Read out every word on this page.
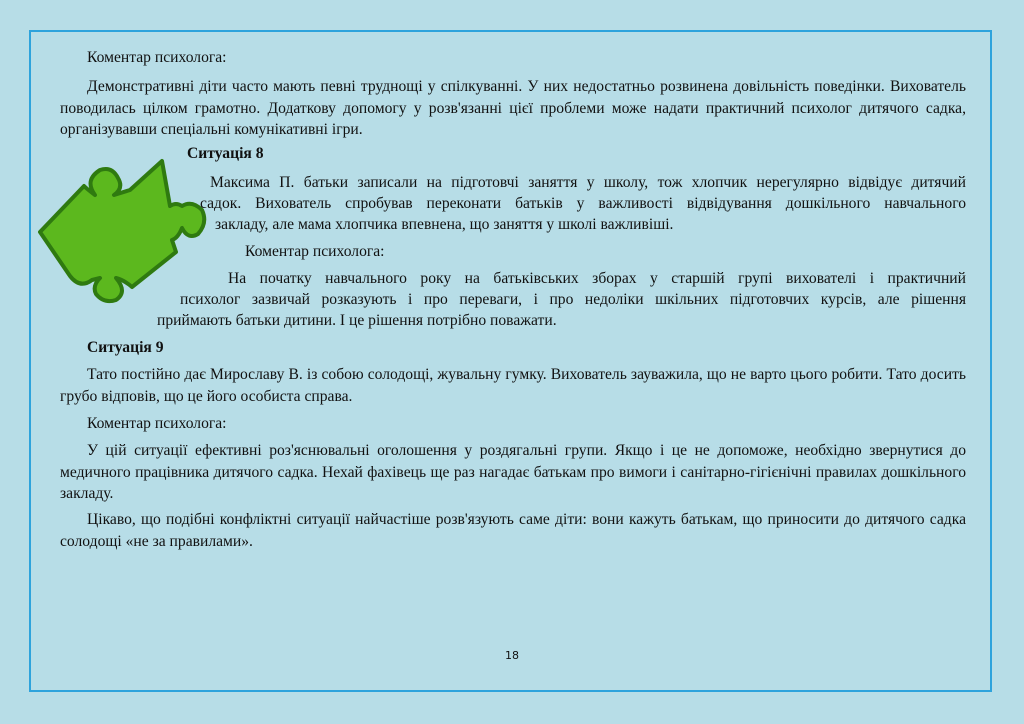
Коментар психолога:

Демонстративні діти часто мають певні труднощі у спілкуванні. У них недостатньо розвинена довільність поведінки. Вихователь поводилась цілком грамотно. Додаткову допомогу у розв'язанні цієї проблеми може надати практичний психолог дитячого садка, організувавши спеціальні комунікативні ігри.

Ситуація 8

Максима П. батьки записали на підготовчі заняття у школу, тож хлопчик нерегулярно відвідує дитячий

садок. Вихователь спробував переконати батьків у важливості відвідування дошкільного навчального

закладу, але мама хлопчика впевнена, що заняття у школі важливіші.

Коментар психолога:

На початку навчального року на батьківських зборах у старшій групі вихователі і практичний

психолог зазвичай розказують і про переваги, і про недоліки шкільних підготовчих курсів, але рішення

приймають батьки дитини. І це рішення потрібно поважати.

Ситуація 9

Тато постійно дає Мирославу В. із собою солодощі, жувальну гумку. Вихователь зауважила, що не варто цього робити. Тато досить грубо відповів, що це його особиста справа.

Коментар психолога:

У цій ситуації ефективні роз'яснювальні оголошення у роздягальні групи. Якщо і це не допоможе, необхідно звернутися до медичного працівника дитячого садка. Нехай фахівець ще раз нагадає батькам про вимоги і санітарно-гігієнічні правилах дошкільного закладу.

Цікаво, що подібні конфліктні ситуації найчастіше розв'язують саме діти: вони кажуть батькам, що приносити до дитячого садка солодощі «не за правилами».

18
